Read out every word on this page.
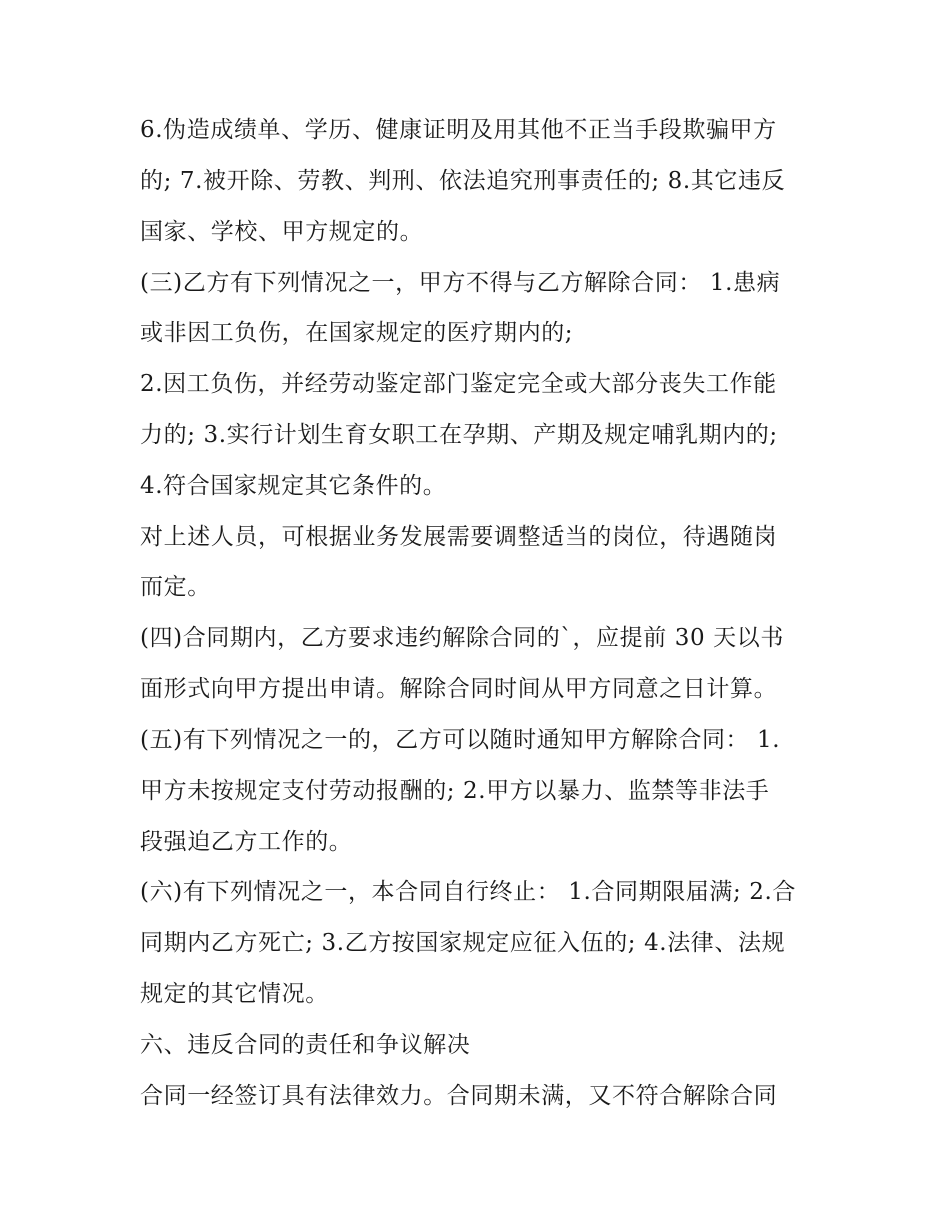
6.伪造成绩单、学历、健康证明及用其他不正当手段欺骗甲方
的; 7.被开除、劳教、判刑、依法追究刑事责任的; 8.其它违反
国家、学校、甲方规定的。
(三)乙方有下列情况之一，甲方不得与乙方解除合同： 1.患病
或非因工负伤，在国家规定的医疗期内的;
2.因工负伤，并经劳动鉴定部门鉴定完全或大部分丧失工作能
力的; 3.实行计划生育女职工在孕期、产期及规定哺乳期内的;
4.符合国家规定其它条件的。
对上述人员，可根据业务发展需要调整适当的岗位，待遇随岗
而定。
(四)合同期内，乙方要求违约解除合同的`，应提前 30 天以书
面形式向甲方提出申请。解除合同时间从甲方同意之日计算。
(五)有下列情况之一的，乙方可以随时通知甲方解除合同： 1.
甲方未按规定支付劳动报酬的; 2.甲方以暴力、监禁等非法手
段强迫乙方工作的。
(六)有下列情况之一，本合同自行终止： 1.合同期限届满; 2.合
同期内乙方死亡; 3.乙方按国家规定应征入伍的; 4.法律、法规
规定的其它情况。
六、违反合同的责任和争议解决
合同一经签订具有法律效力。合同期未满，又不符合解除合同
